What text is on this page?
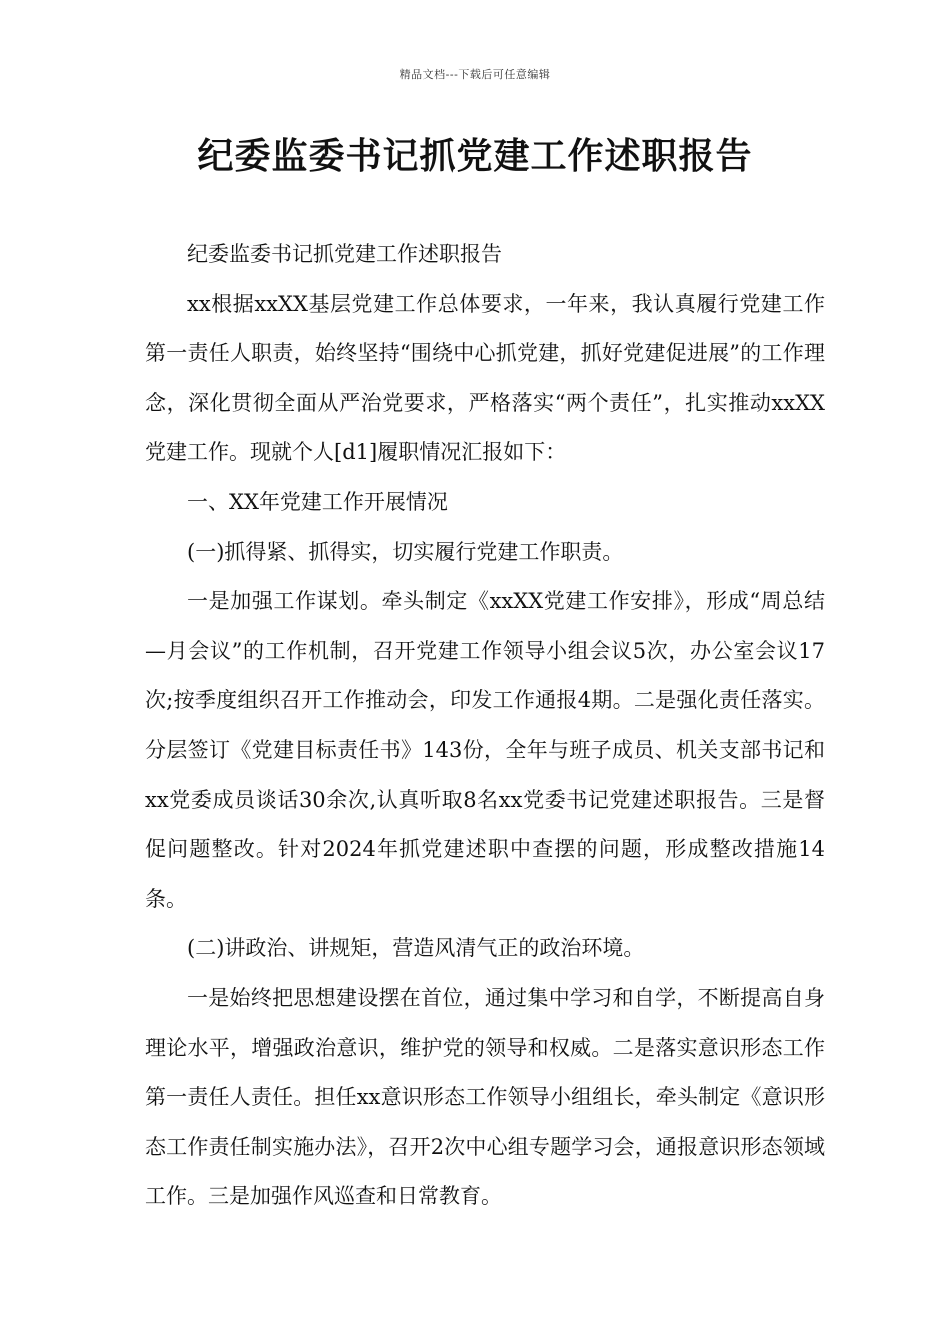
精品文档---下载后可任意编辑
纪委监委书记抓党建工作述职报告

纪委监委书记抓党建工作述职报告

xx根据xxXX基层党建工作总体要求，一年来，我认真履行党建工作第一责任人职责，始终坚持“围绕中心抓党建，抓好党建促进展”的工作理念，深化贯彻全面从严治党要求，严格落实“两个责任”，扎实推动xxXX党建工作。现就个人[d1]履职情况汇报如下：

一、XX年党建工作开展情况

(一)抓得紧、抓得实，切实履行党建工作职责。

一是加强工作谋划。牵头制定《xxXX党建工作安排》，形成“周总结—月会议”的工作机制，召开党建工作领导小组会议5次，办公室会议17次;按季度组织召开工作推动会，印发工作通报4期。二是强化责任落实。分层签订《党建目标责任书》143份，全年与班子成员、机关支部书记和xx党委成员谈话30余次,认真听取8名xx党委书记党建述职报告。三是督促问题整改。针对2024年抓党建述职中查摆的问题，形成整改措施14条。

(二)讲政治、讲规矩，营造风清气正的政治环境。

一是始终把思想建设摆在首位，通过集中学习和自学，不断提高自身理论水平，增强政治意识，维护党的领导和权威。二是落实意识形态工作第一责任人责任。担任xx意识形态工作领导小组组长，牵头制定《意识形态工作责任制实施办法》，召开2次中心组专题学习会，通报意识形态领域工作。三是加强作风巡查和日常教育。
